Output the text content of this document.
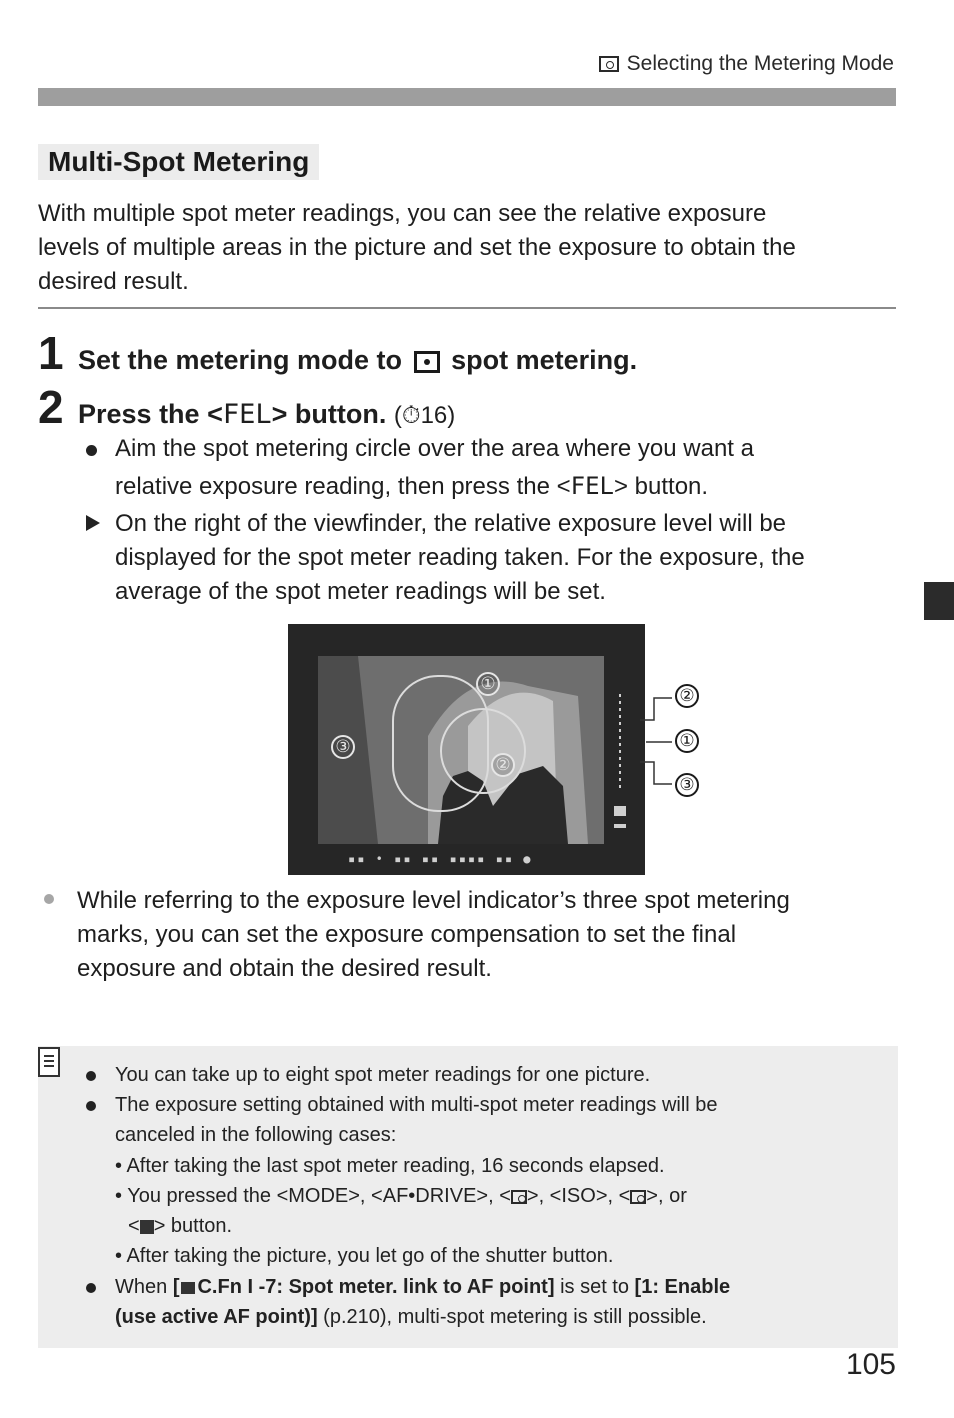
Selecting the Metering Mode
Multi-Spot Metering
With multiple spot meter readings, you can see the relative exposure
levels of multiple areas in the picture and set the exposure to obtain the
desired result.
1 Set the metering mode to spot metering.
2 Press the <FEL> button. (⏱16)
Aim the spot metering circle over the area where you want a
relative exposure reading, then press the <FEL> button.
On the right of the viewfinder, the relative exposure level will be
displayed for the spot meter reading taken. For the exposure, the
average of the spot meter readings will be set.
①
②
③
▪▪ • ▪▪ ▪▪ ▪▪▪▪ ▪▪ ●
②
①
③
While referring to the exposure level indicator’s three spot metering
marks, you can set the exposure compensation to set the final
exposure and obtain the desired result.
You can take up to eight spot meter readings for one picture.
The exposure setting obtained with multi-spot meter readings will be
canceled in the following cases:
• After taking the last spot meter reading, 16 seconds elapsed.
• You pressed the <MODE>, <AF•DRIVE>, < >, <ISO>, < >, or
< > button.
• After taking the picture, you let go of the shutter button.
When [ C.Fn I -7: Spot meter. link to AF point] is set to [1: Enable
(use active AF point)] (p.210), multi-spot metering is still possible.
105
